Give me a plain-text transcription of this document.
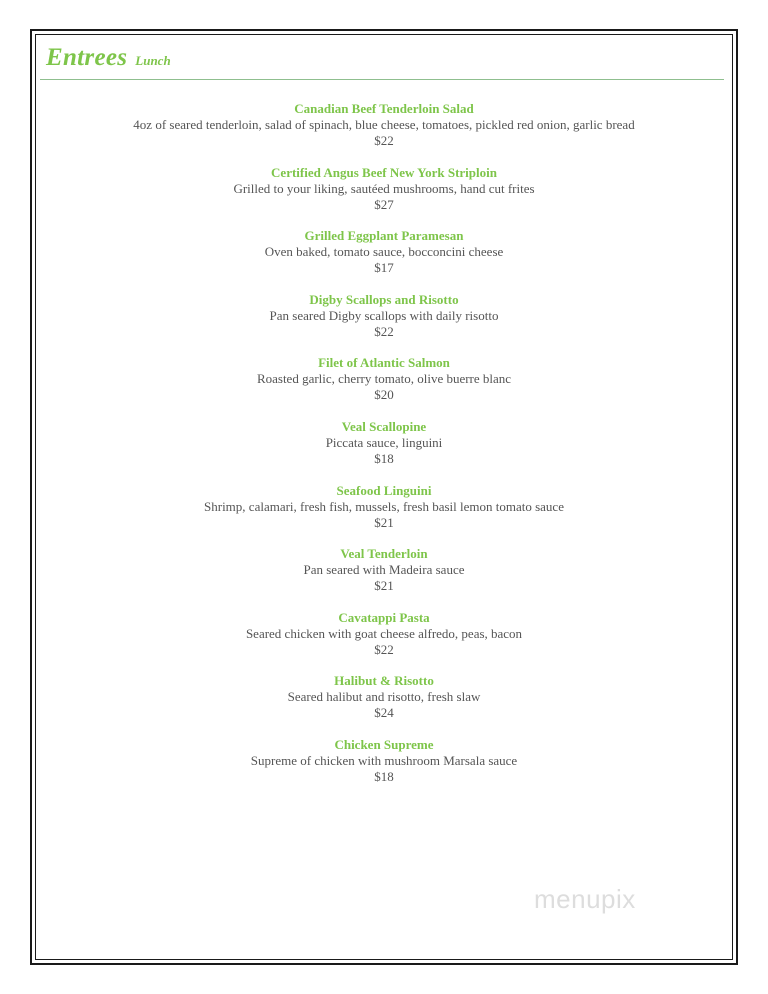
Entrees Lunch
Canadian Beef Tenderloin Salad
4oz of seared tenderloin, salad of spinach, blue cheese, tomatoes, pickled red onion, garlic bread
$22
Certified Angus Beef New York Striploin
Grilled to your liking, sautéed mushrooms, hand cut frites
$27
Grilled Eggplant Paramesan
Oven baked, tomato sauce, bocconcini cheese
$17
Digby Scallops and Risotto
Pan seared Digby scallops with daily risotto
$22
Filet of Atlantic Salmon
Roasted garlic, cherry tomato, olive buerre blanc
$20
Veal Scallopine
Piccata sauce, linguini
$18
Seafood Linguini
Shrimp, calamari, fresh fish, mussels, fresh basil lemon tomato sauce
$21
Veal Tenderloin
Pan seared with Madeira sauce
$21
Cavatappi Pasta
Seared chicken with goat cheese alfredo, peas, bacon
$22
Halibut & Risotto
Seared halibut and risotto, fresh slaw
$24
Chicken Supreme
Supreme of chicken with mushroom Marsala sauce
$18
menupix
